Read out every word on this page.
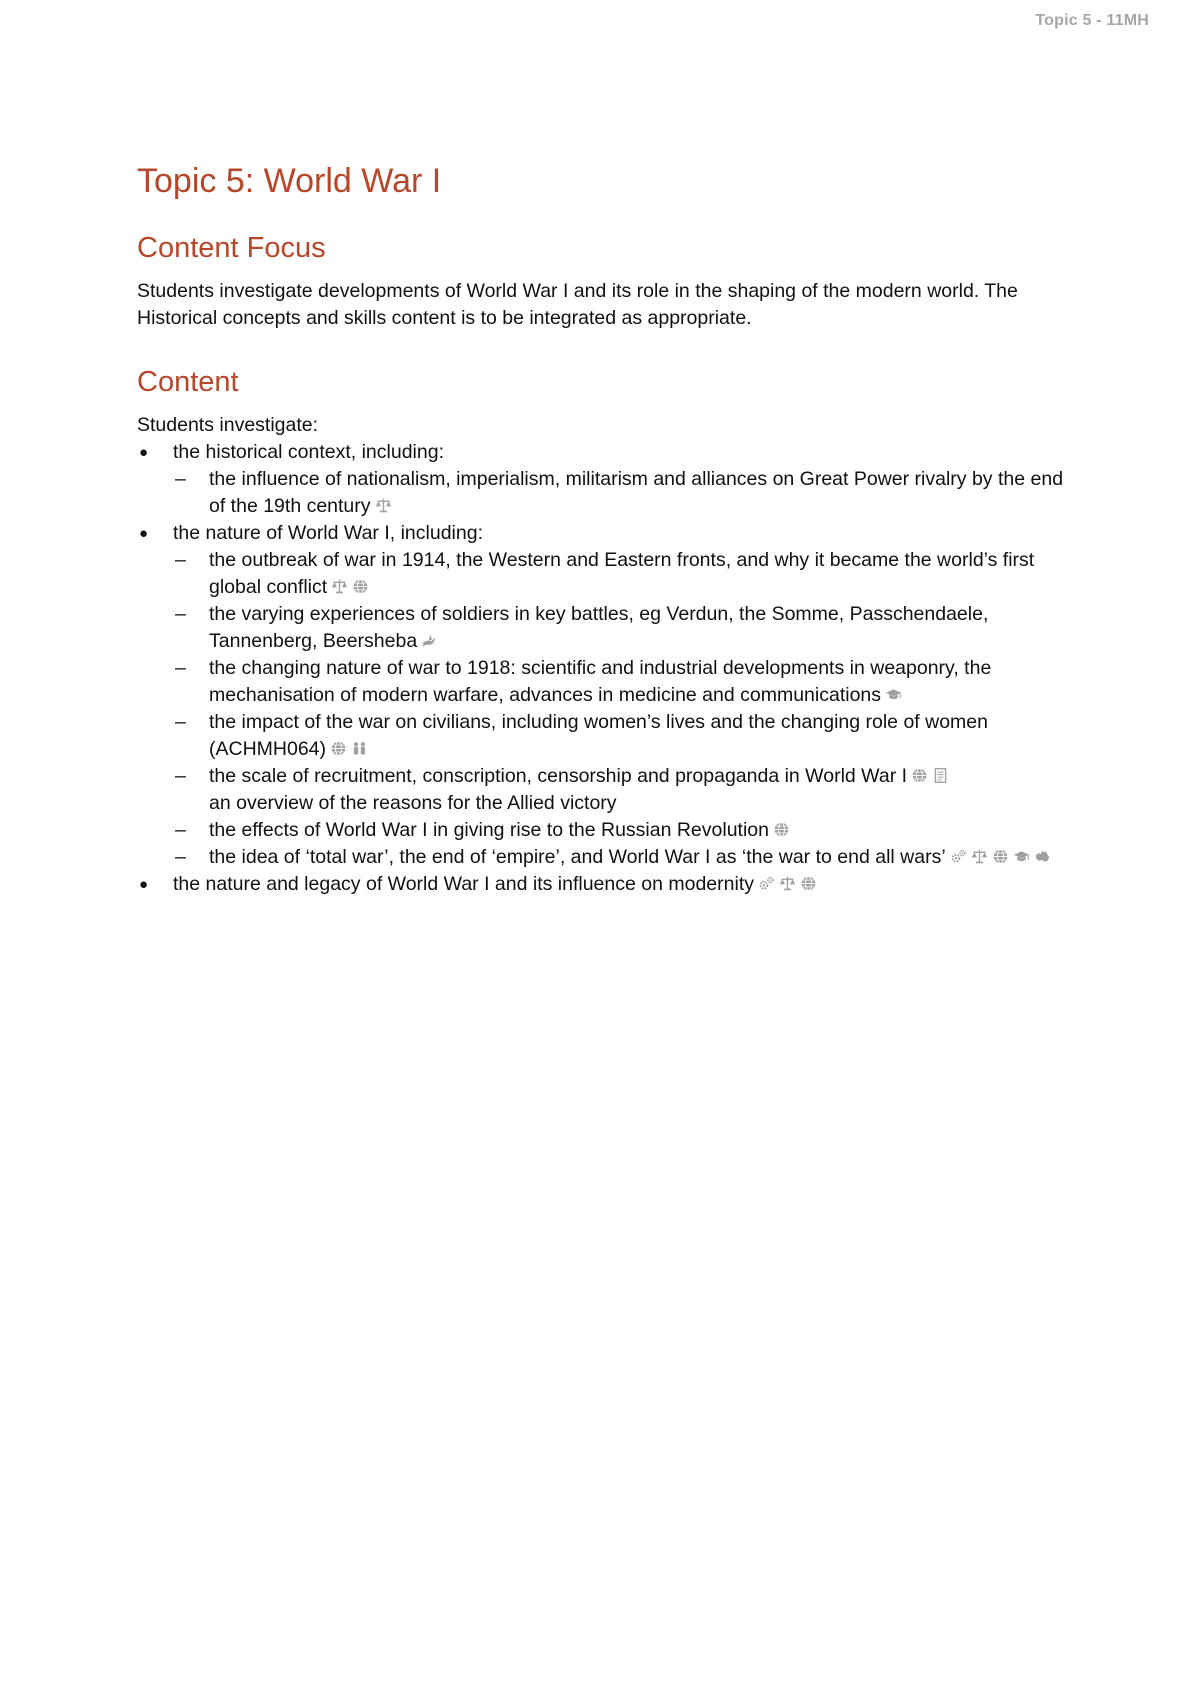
Topic 5 - 11MH
Topic 5: World War I
Content Focus

Students investigate developments of World War I and its role in the shaping of the modern world. The Historical concepts and skills content is to be integrated as appropriate.

Content

Students investigate:

●	the historical context, including:
– the influence of nationalism, imperialism, militarism and alliances on Great Power rivalry by the end of the 19th century
●	the nature of World War I, including:
– the outbreak of war in 1914, the Western and Eastern fronts, and why it became the world’s first global conflict
– the varying experiences of soldiers in key battles, eg Verdun, the Somme, Passchendaele, Tannenberg, Beersheba
– the changing nature of war to 1918: scientific and industrial developments in weaponry, the mechanisation of modern warfare, advances in medicine and communications
– the impact of the war on civilians, including women’s lives and the changing role of women (ACHMH064)
– the scale of recruitment, conscription, censorship and propaganda in World War I

an overview of the reasons for the Allied victory
– the effects of World War I in giving rise to the Russian Revolution
– the idea of ‘total war’, the end of ‘empire’, and World War I as ‘the war to end all wars’
●	the nature and legacy of World War I and its influence on modernity
